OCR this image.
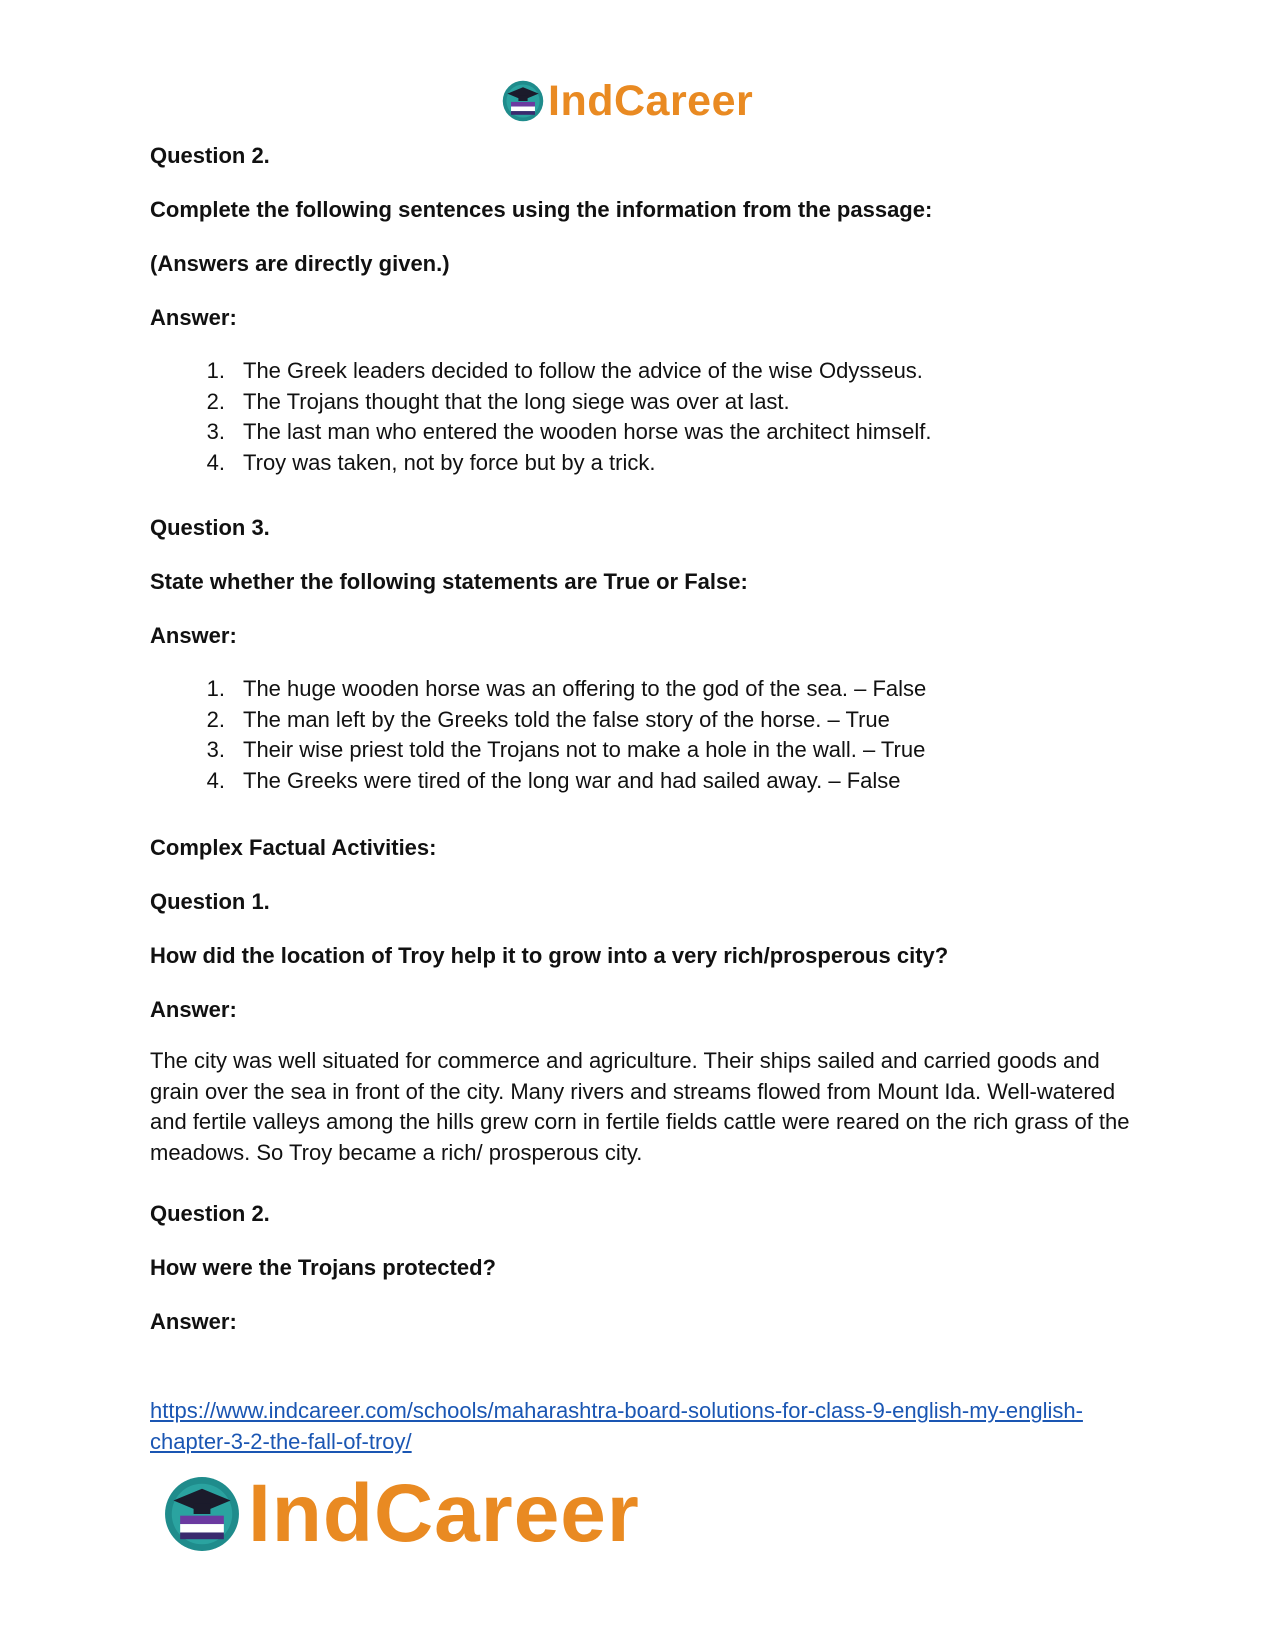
IndCareer
Question 2.
Complete the following sentences using the information from the passage:
(Answers are directly given.)
Answer:
1. The Greek leaders decided to follow the advice of the wise Odysseus.
2. The Trojans thought that the long siege was over at last.
3. The last man who entered the wooden horse was the architect himself.
4. Troy was taken, not by force but by a trick.
Question 3.
State whether the following statements are True or False:
Answer:
1. The huge wooden horse was an offering to the god of the sea. – False
2. The man left by the Greeks told the false story of the horse. – True
3. Their wise priest told the Trojans not to make a hole in the wall. – True
4. The Greeks were tired of the long war and had sailed away. – False
Complex Factual Activities:
Question 1.
How did the location of Troy help it to grow into a very rich/prosperous city?
Answer:
The city was well situated for commerce and agriculture. Their ships sailed and carried goods and grain over the sea in front of the city. Many rivers and streams flowed from Mount Ida. Well-watered and fertile valleys among the hills grew corn in fertile fields cattle were reared on the rich grass of the meadows. So Troy became a rich/ prosperous city.
Question 2.
How were the Trojans protected?
Answer:
https://www.indcareer.com/schools/maharashtra-board-solutions-for-class-9-english-my-english-chapter-3-2-the-fall-of-troy/
IndCareer
